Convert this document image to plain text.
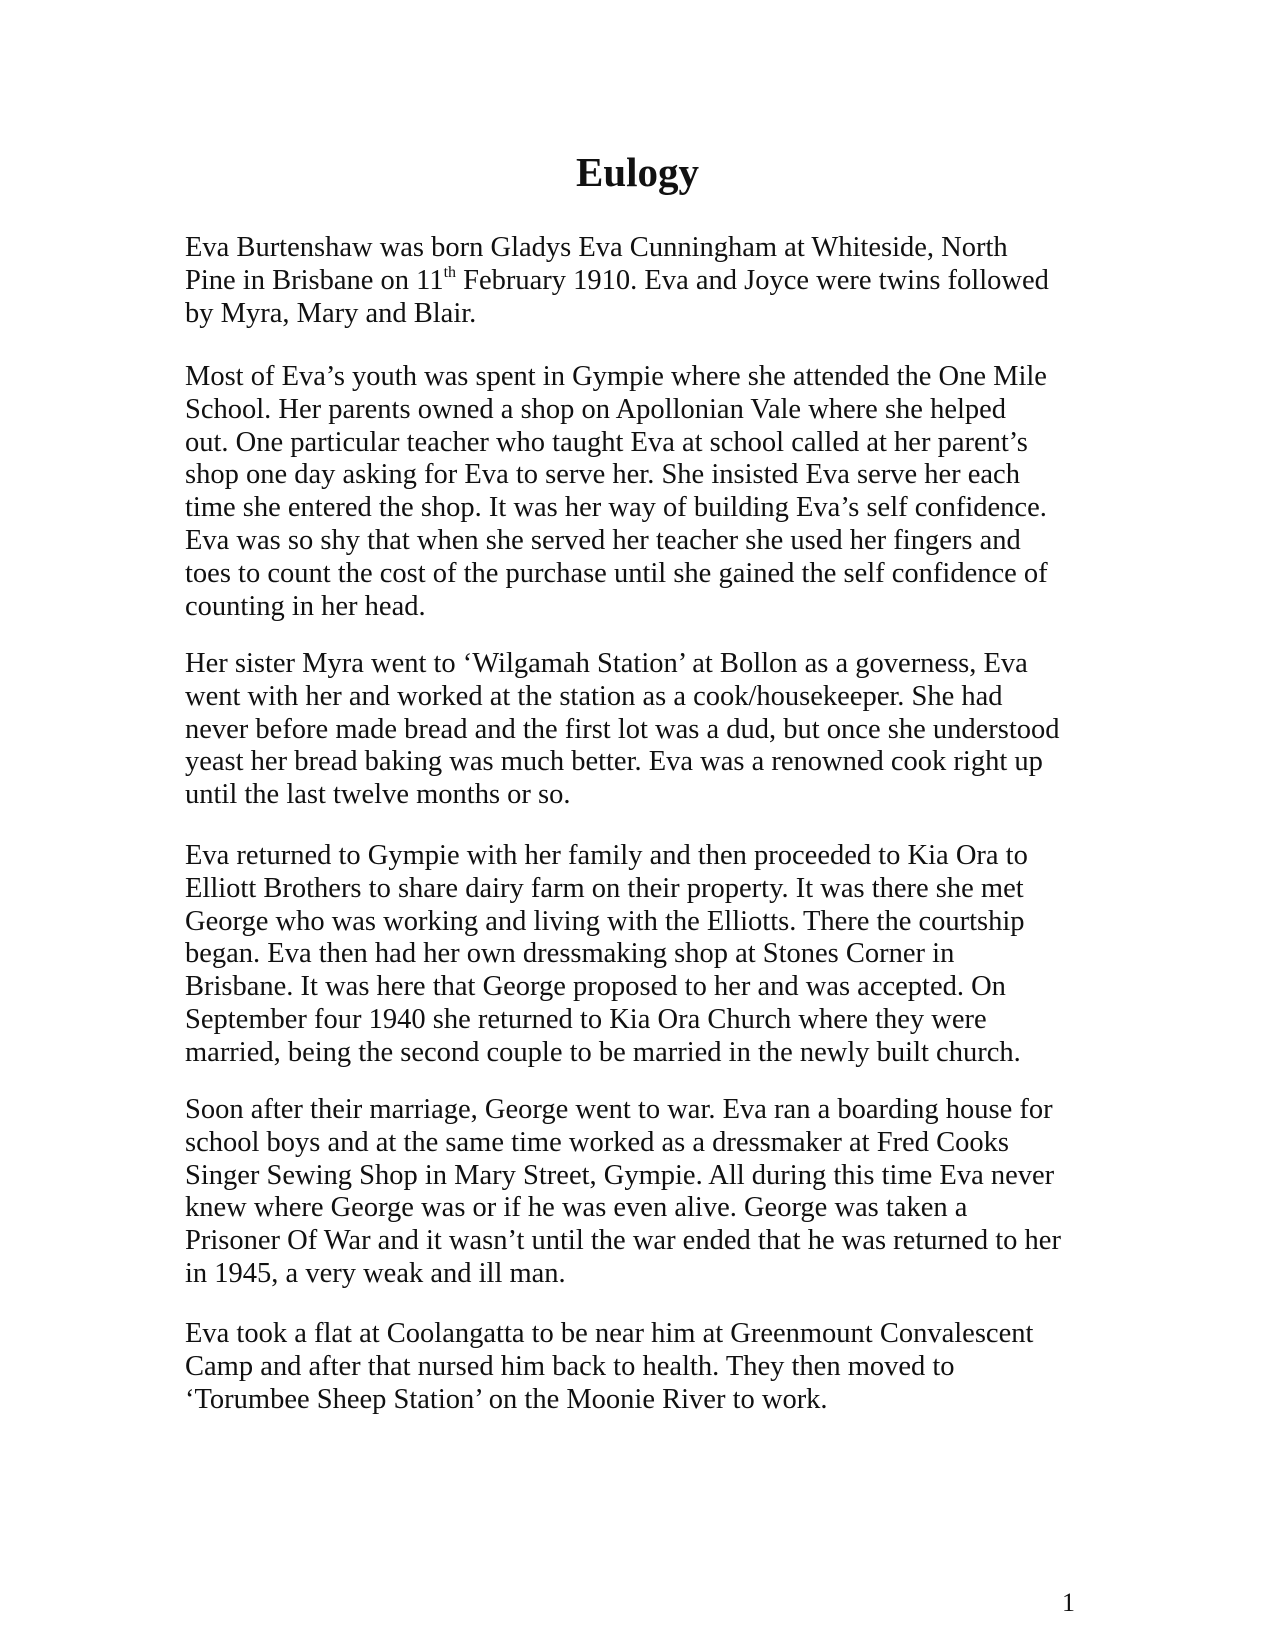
Eulogy

Eva Burtenshaw was born Gladys Eva Cunningham at Whiteside, North
Pine in Brisbane on 11th February 1910. Eva and Joyce were twins followed
by Myra, Mary and Blair.

Most of Eva’s youth was spent in Gympie where she attended the One Mile
School. Her parents owned a shop on Apollonian Vale where she helped
out. One particular teacher who taught Eva at school called at her parent’s
shop one day asking for Eva to serve her. She insisted Eva serve her each
time she entered the shop. It was her way of building Eva’s self confidence.
Eva was so shy that when she served her teacher she used her fingers and
toes to count the cost of the purchase until she gained the self confidence of
counting in her head.

Her sister Myra went to ‘Wilgamah Station’ at Bollon as a governess, Eva
went with her and worked at the station as a cook/housekeeper. She had
never before made bread and the first lot was a dud, but once she understood
yeast her bread baking was much better. Eva was a renowned cook right up
until the last twelve months or so.

Eva returned to Gympie with her family and then proceeded to Kia Ora to
Elliott Brothers to share dairy farm on their property. It was there she met
George who was working and living with the Elliotts. There the courtship
began. Eva then had her own dressmaking shop at Stones Corner in
Brisbane. It was here that George proposed to her and was accepted. On
September four 1940 she returned to Kia Ora Church where they were
married, being the second couple to be married in the newly built church.

Soon after their marriage, George went to war. Eva ran a boarding house for
school boys and at the same time worked as a dressmaker at Fred Cooks
Singer Sewing Shop in Mary Street, Gympie. All during this time Eva never
knew where George was or if he was even alive. George was taken a
Prisoner Of War and it wasn’t until the war ended that he was returned to her
in 1945, a very weak and ill man.

Eva took a flat at Coolangatta to be near him at Greenmount Convalescent
Camp and after that nursed him back to health. They then moved to
‘Torumbee Sheep Station’ on the Moonie River to work.

1
